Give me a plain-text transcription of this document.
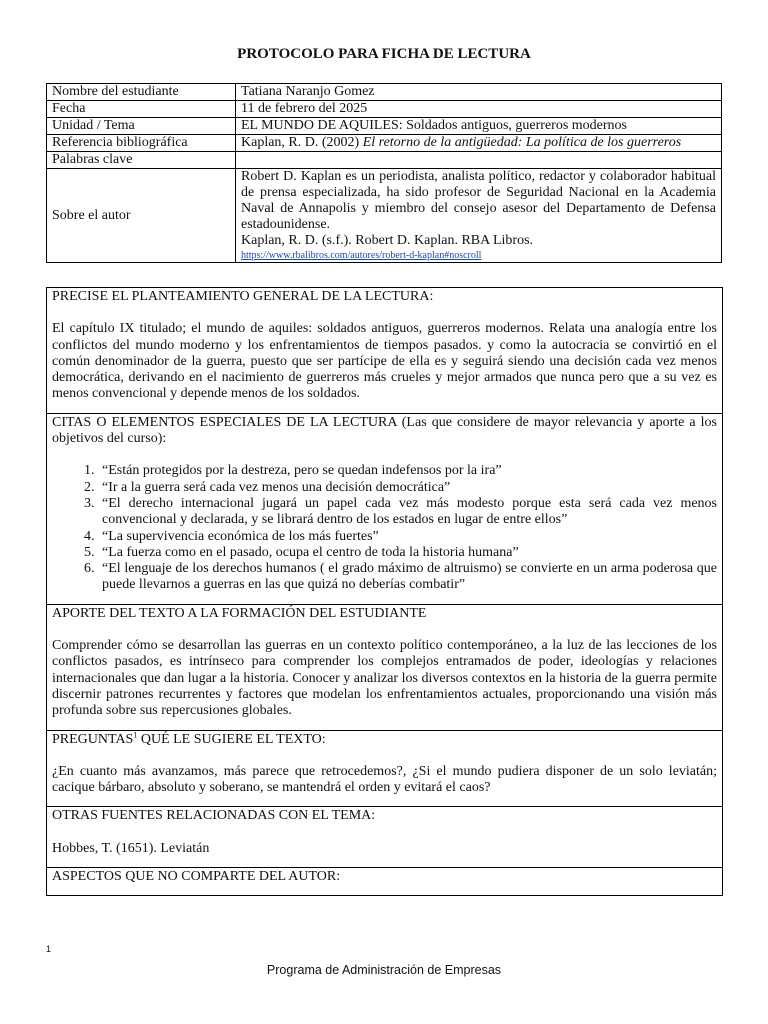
PROTOCOLO PARA FICHA DE LECTURA
Nombre del estudiante	Tatiana Naranjo Gomez
Fecha	11 de febrero del 2025
Unidad / Tema	EL MUNDO DE AQUILES: Soldados antiguos, guerreros modernos
Referencia bibliográfica	Kaplan, R. D. (2002) El retorno de la antigüedad: La política de los guerreros
Palabras clave	
Sobre el autor	Robert D. Kaplan es un periodista, analista político, redactor y colaborador habitual de prensa especializada, ha sido profesor de Seguridad Nacional en la Academia Naval de Annapolis y miembro del consejo asesor del Departamento de Defensa estadounidense.
Kaplan, R. D. (s.f.). Robert D. Kaplan. RBA Libros.
https://www.rbalibros.com/autores/robert-d-kaplan#noscroll

PRECISE EL PLANTEAMIENTO GENERAL DE LA LECTURA:

El capítulo IX titulado; el mundo de aquiles: soldados antiguos, guerreros modernos. Relata una analogía entre los conflictos del mundo moderno y los enfrentamientos de tiempos pasados. y como la autocracia se convirtió en el común denominador de la guerra, puesto que ser partícipe de ella es y seguirá siendo una decisión cada vez menos democrática, derivando en el nacimiento de guerreros más crueles y mejor armados que nunca pero que a su vez es menos convencional y depende menos de los soldados.

CITAS O ELEMENTOS ESPECIALES DE LA LECTURA (Las que considere de mayor relevancia y aporte a los objetivos del curso):

1. “Están protegidos por la destreza, pero se quedan indefensos por la ira”
2. “Ir a la guerra será cada vez menos una decisión democrática”
3. “El derecho internacional jugará un papel cada vez más modesto porque esta será cada vez menos convencional y declarada, y se librará dentro de los estados en lugar de entre ellos”
4. “La supervivencia económica de los más fuertes”
5. “La fuerza como en el pasado, ocupa el centro de toda la historia humana”
6. “El lenguaje de los derechos humanos ( el grado máximo de altruismo) se convierte en un arma poderosa que puede llevarnos a guerras en las que quizá no deberías combatir”

APORTE DEL TEXTO A LA FORMACIÓN DEL ESTUDIANTE

Comprender cómo se desarrollan las guerras en un contexto político contemporáneo, a la luz de las lecciones de los conflictos pasados, es intrínseco para comprender los complejos entramados de poder, ideologías y relaciones internacionales que dan lugar a la historia. Conocer y analizar los diversos contextos en la historia de la guerra permite discernir patrones recurrentes y factores que modelan los enfrentamientos actuales, proporcionando una visión más profunda sobre sus repercusiones globales.

PREGUNTAS$^1$ QUÉ LE SUGIERE EL TEXTO:

¿En cuanto más avanzamos, más parece que retrocedemos?, ¿Si el mundo pudiera disponer de un solo leviatán; cacique bárbaro, absoluto y soberano, se mantendrá el orden y evitará el caos?

OTRAS FUENTES RELACIONADAS CON EL TEMA:

Hobbes, T. (1651). Leviatán

ASPECTOS QUE NO COMPARTE DEL AUTOR:

1
Programa de Administración de Empresas
